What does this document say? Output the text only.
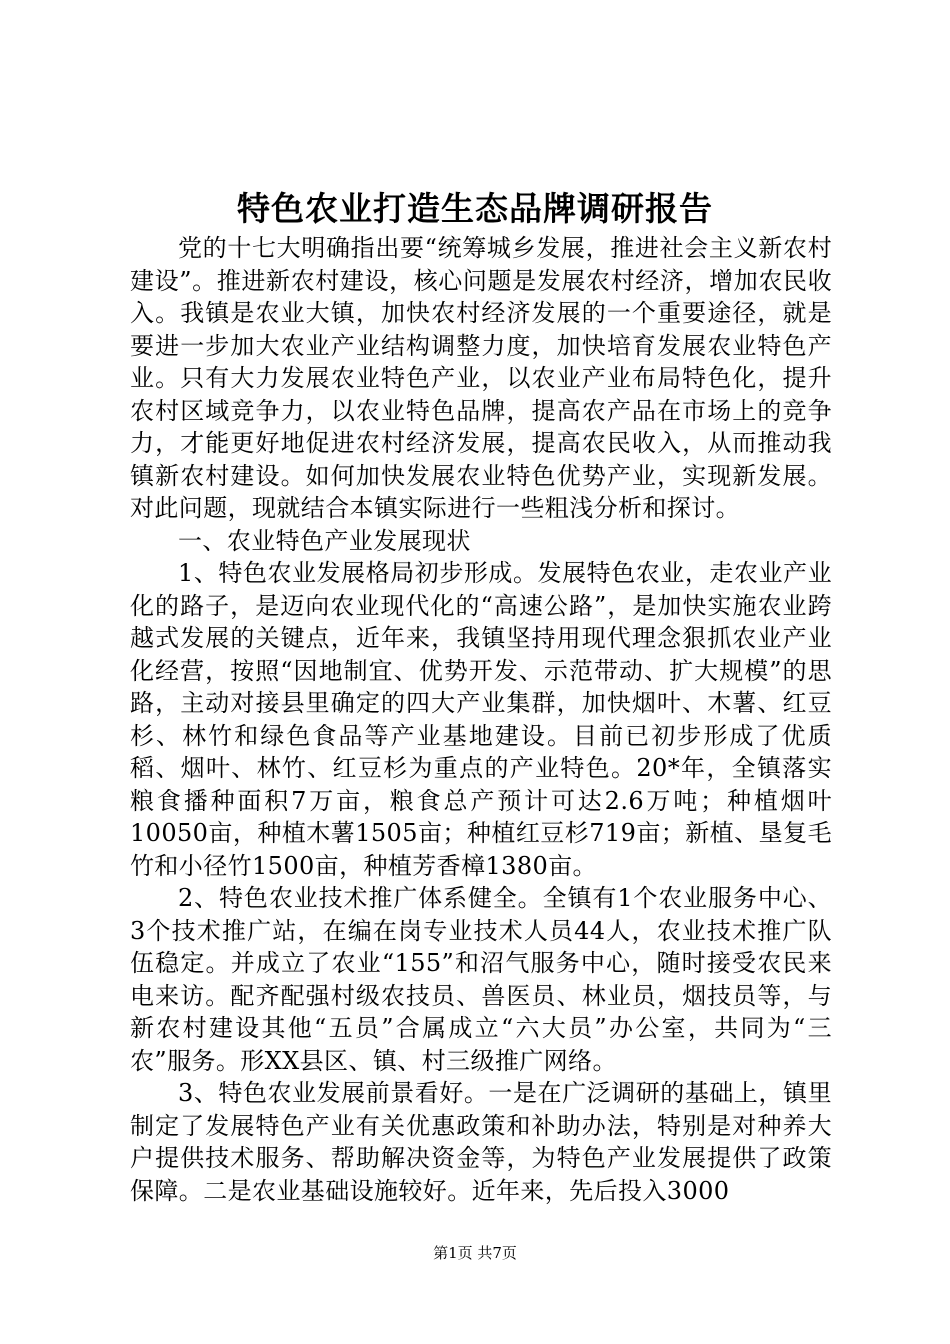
特色农业打造生态品牌调研报告

党的十七大明确指出要“统筹城乡发展，推进社会主义新农村建设”。推进新农村建设，核心问题是发展农村经济，增加农民收入。我镇是农业大镇，加快农村经济发展的一个重要途径，就是要进一步加大农业产业结构调整力度，加快培育发展农业特色产业。只有大力发展农业特色产业，以农业产业布局特色化，提升农村区域竞争力，以农业特色品牌，提高农产品在市场上的竞争力，才能更好地促进农村经济发展，提高农民收入，从而推动我镇新农村建设。如何加快发展农业特色优势产业，实现新发展。对此问题，现就结合本镇实际进行一些粗浅分析和探讨。

一、农业特色产业发展现状

1、特色农业发展格局初步形成。发展特色农业，走农业产业化的路子，是迈向农业现代化的“高速公路”，是加快实施农业跨越式发展的关键点，近年来，我镇坚持用现代理念狠抓农业产业化经营，按照“因地制宜、优势开发、示范带动、扩大规模”的思路，主动对接县里确定的四大产业集群，加快烟叶、木薯、红豆杉、林竹和绿色食品等产业基地建设。目前已初步形成了优质稻、烟叶、林竹、红豆杉为重点的产业特色。20*年，全镇落实粮食播种面积7万亩，粮食总产预计可达2.6万吨；种植烟叶10050亩，种植木薯1505亩；种植红豆杉719亩；新植、垦复毛竹和小径竹1500亩，种植芳香樟1380亩。

2、特色农业技术推广体系健全。全镇有1个农业服务中心、3个技术推广站，在编在岗专业技术人员44人，农业技术推广队伍稳定。并成立了农业“155”和沼气服务中心，随时接受农民来电来访。配齐配强村级农技员、兽医员、林业员，烟技员等，与新农村建设其他“五员”合属成立“六大员”办公室，共同为“三农”服务。形XX县区、镇、村三级推广网络。

3、特色农业发展前景看好。一是在广泛调研的基础上，镇里制定了发展特色产业有关优惠政策和补助办法，特别是对种养大户提供技术服务、帮助解决资金等，为特色产业发展提供了政策保障。二是农业基础设施较好。近年来，先后投入3000

第1页 共7页
